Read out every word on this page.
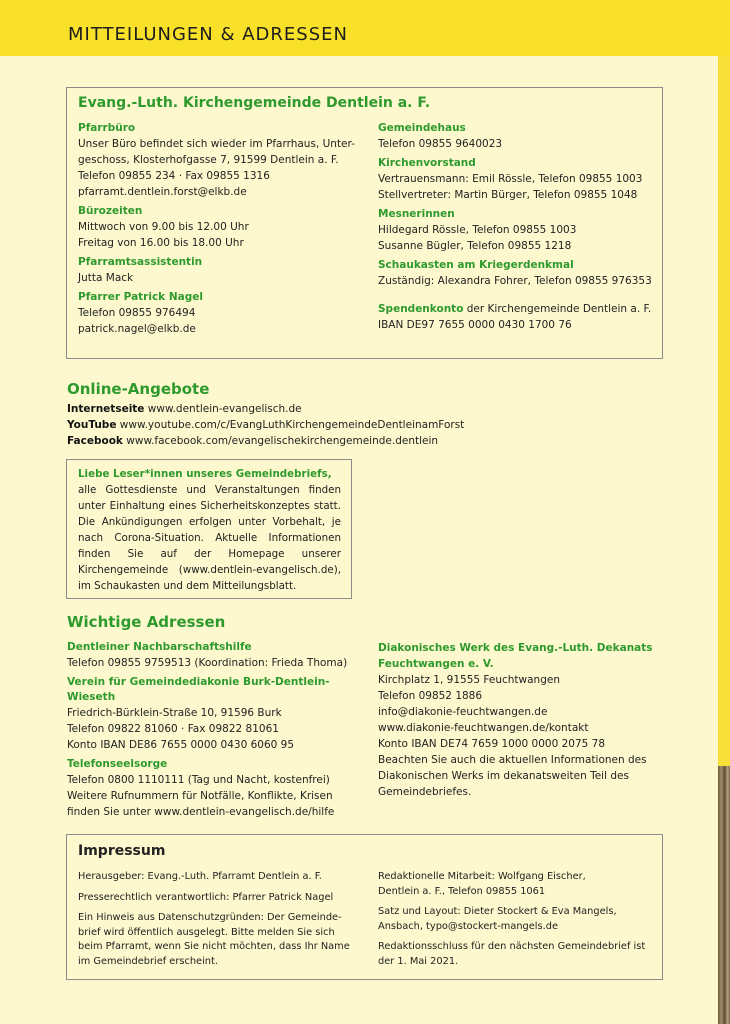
MITTEILUNGEN & ADRESSEN
Evang.-Luth. Kirchengemeinde Dentlein a. F.
Pfarrbüro
Unser Büro befindet sich wieder im Pfarrhaus, Unter-
geschoss, Klosterhofgasse 7, 91599 Dentlein a. F.
Telefon 09855 234 · Fax 09855 1316
pfarramt.dentlein.forst@elkb.de
Bürozeiten
Mittwoch von 9.00 bis 12.00 Uhr
Freitag von 16.00 bis 18.00 Uhr
Pfarramtsassistentin
Jutta Mack
Pfarrer Patrick Nagel
Telefon 09855 976494
patrick.nagel@elkb.de
Gemeindehaus
Telefon 09855 9640023
Kirchenvorstand
Vertrauensmann: Emil Rössle, Telefon 09855 1003
Stellvertreter: Martin Bürger, Telefon 09855 1048
Mesnerinnen
Hildegard Rössle, Telefon 09855 1003
Susanne Bügler, Telefon 09855 1218
Schaukasten am Kriegerdenkmal
Zuständig: Alexandra Fohrer, Telefon 09855 976353
Spendenkonto der Kirchengemeinde Dentlein a. F.
IBAN DE97 7655 0000 0430 1700 76
Online-Angebote
Internetseite www.dentlein-evangelisch.de
YouTube www.youtube.com/c/EvangLuthKirchengemeindeDentleinamForst
Facebook www.facebook.com/evangelischekirchengemeinde.dentlein
Liebe Leser*innen unseres Gemeindebriefs,
alle Gottesdienste und Veranstaltungen finden unter Einhaltung eines Sicherheitskonzeptes statt. Die Ankündigungen erfolgen unter Vorbehalt, je nach Corona-Situation. Aktuelle Informationen finden Sie auf der Homepage unserer Kirchengemeinde (www.dentlein-evangelisch.de), im Schaukasten und dem Mitteilungsblatt.
Wichtige Adressen
Dentleiner Nachbarschaftshilfe
Telefon 09855 9759513 (Koordination: Frieda Thoma)
Verein für Gemeindediakonie Burk-Dentlein-Wieseth
Friedrich-Bürklein-Straße 10, 91596 Burk
Telefon 09822 81060 · Fax 09822 81061
Konto IBAN DE86 7655 0000 0430 6060 95
Telefonseelsorge
Telefon 0800 1110111 (Tag und Nacht, kostenfrei)
Weitere Rufnummern für Notfälle, Konflikte, Krisen
finden Sie unter www.dentlein-evangelisch.de/hilfe
Diakonisches Werk des Evang.-Luth. Dekanats
Feuchtwangen e. V.
Kirchplatz 1, 91555 Feuchtwangen
Telefon 09852 1886
info@diakonie-feuchtwangen.de
www.diakonie-feuchtwangen.de/kontakt
Konto IBAN DE74 7659 1000 0000 2075 78
Beachten Sie auch die aktuellen Informationen des
Diakonischen Werks im dekanatsweiten Teil des
Gemeindebriefes.
Impressum
Herausgeber: Evang.-Luth. Pfarramt Dentlein a. F.
Presserechtlich verantwortlich: Pfarrer Patrick Nagel
Ein Hinweis aus Datenschutzgründen: Der Gemeinde-
brief wird öffentlich ausgelegt. Bitte melden Sie sich
beim Pfarramt, wenn Sie nicht möchten, dass Ihr Name
im Gemeindebrief erscheint.
Redaktionelle Mitarbeit: Wolfgang Eischer,
Dentlein a. F., Telefon 09855 1061
Satz und Layout: Dieter Stockert & Eva Mangels,
Ansbach, typo@stockert-mangels.de
Redaktionsschluss für den nächsten Gemeindebrief ist
der 1. Mai 2021.
